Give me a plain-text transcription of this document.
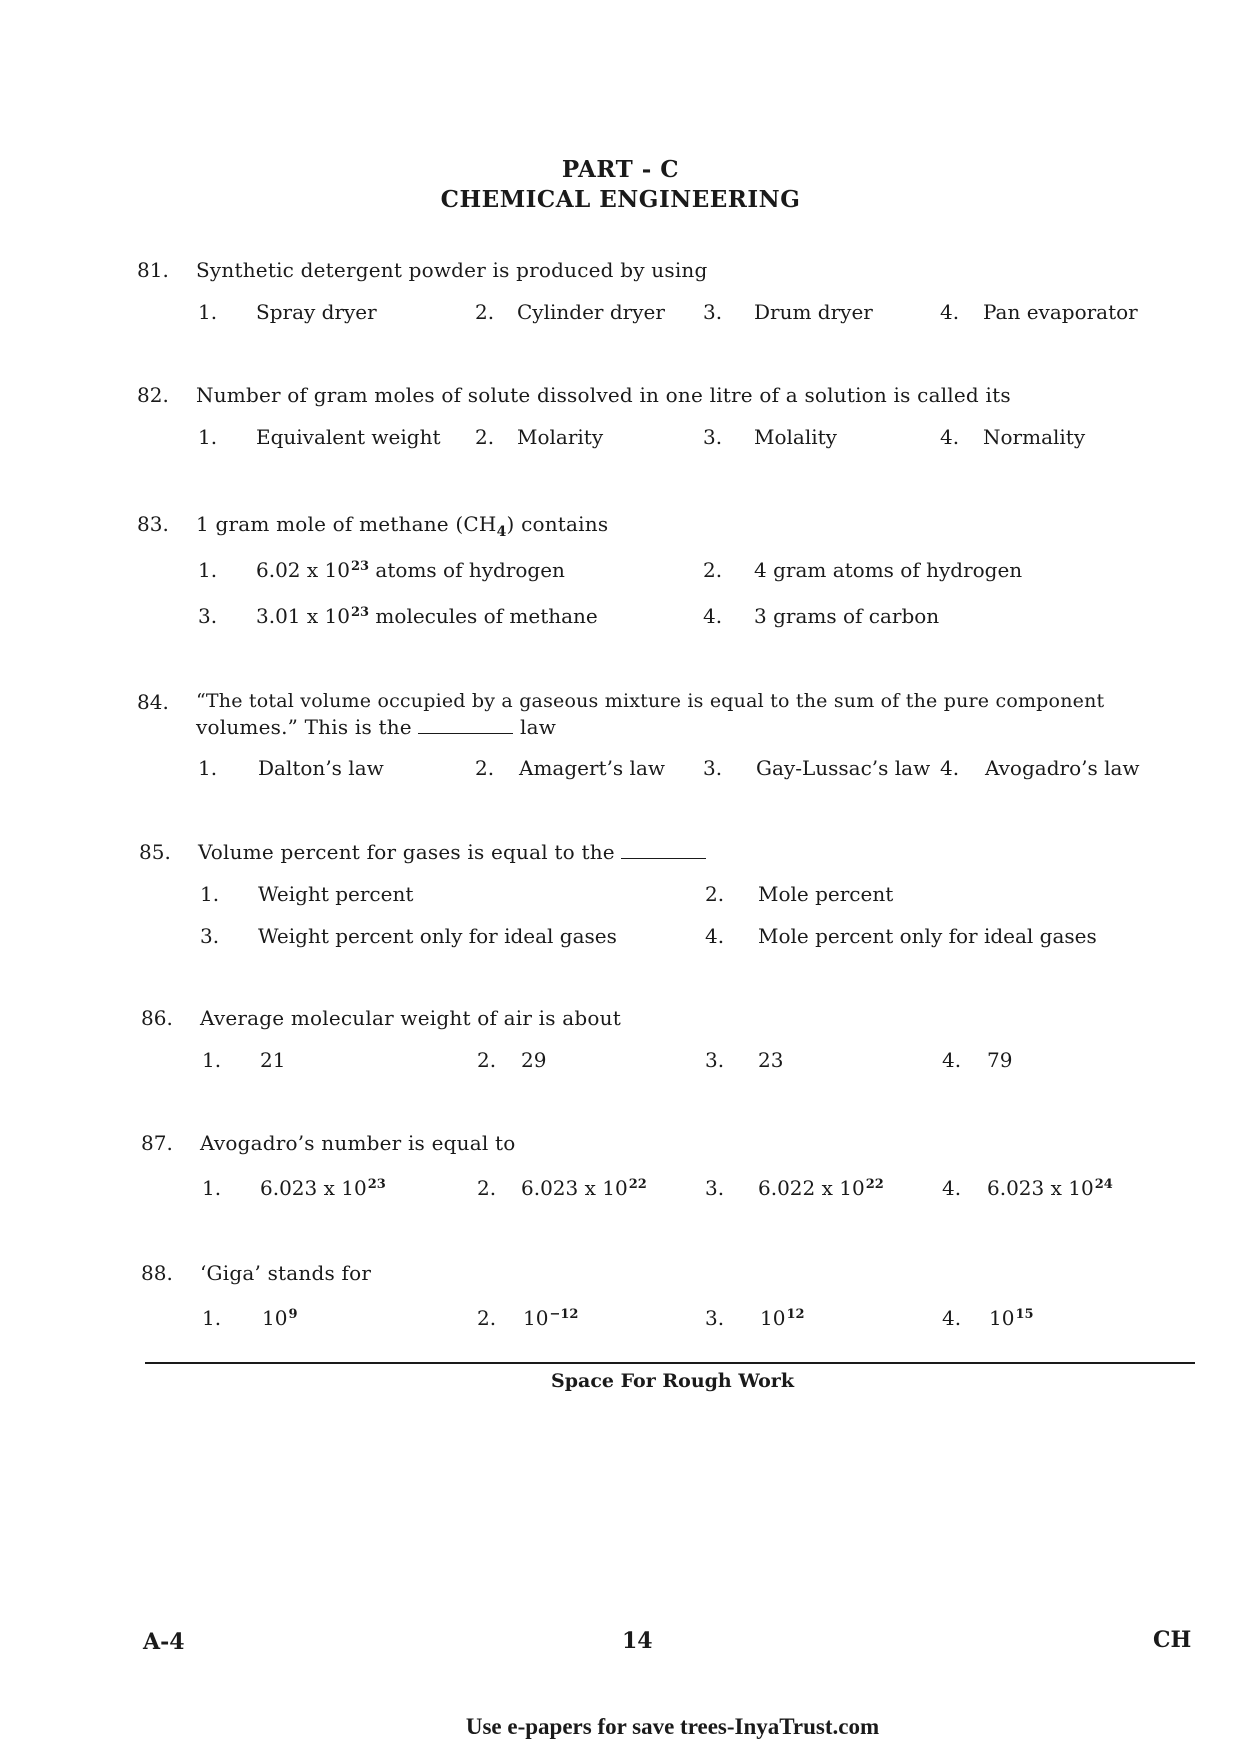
PART - C
CHEMICAL ENGINEERING
81. Synthetic detergent powder is produced by using
1. Spray dryer	2. Cylinder dryer 3. Drum dryer	4. Pan evaporator
82. Number of gram moles of solute dissolved in one litre of a solution is called its
1. Equivalent weight 2. Molarity	3. Molality	4. Normality
83. 1 gram mole of methane $(CH_4)$ contains
1. 6.02 x $10^{23}$ atoms of hydrogen	2. 4 gram atoms of hydrogen
3. 3.01 x $10^{23}$ molecules of methane	4. 3 grams of carbon
84. “The total volume occupied by a gaseous mixture is equal to the sum of the pure component
volumes.” This is the	law
1. Dalton’s law	2. Amagert’s law 3. Gay-Lussac’s law 4. Avogadro’s law
85. Volume percent for gases is equal to the
1. Weight percent	2. Mole percent
3. Weight percent only for ideal gases	4. Mole percent only for ideal gases
86. Average molecular weight of air is about
1. 21	2. 29	3. 23	4. 79
87. Avogadro’s number is equal to
1. 6.023 x $10^{23}$	2. 6.023 x $10^{22}$	3. 6.022 x $10^{22}$	4. 6.023 x $10^{24}$
88. ‘Giga’ stands for
1. $10^9$	2. $10^{-12}$	3. $10^{12}$	4. $10^{15}$
Space For Rough Work
A-4	14	CH
Use e-papers for save trees-InyaTrust.com
